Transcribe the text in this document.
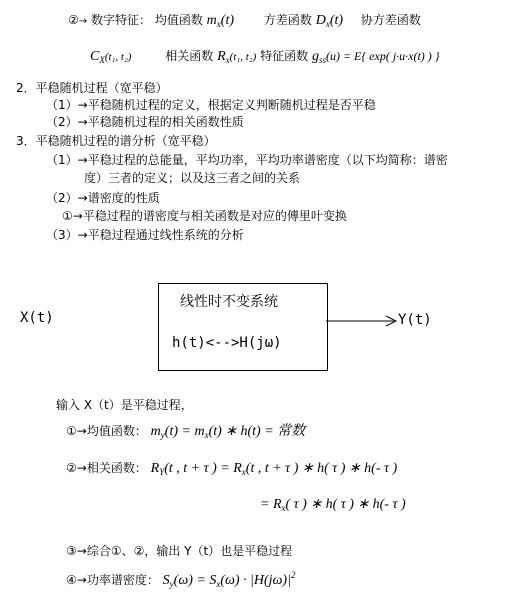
②→ 数字特征： 均值函数 $m_x(t)$ 方差函数 $D_x(t)$ 协方差函数
$C_X(t_1$, t₂)	相关函数 $R_x(t_1$, t₂) 特征函数 $g_{ss}(u) = E${ exp( j·u·x(t) ) }
2．平稳随机过程（宽平稳）
（1）→平稳随机过程的定义，根据定义判断随机过程是否平稳
（2）→平稳随机过程的相关函数性质
3．平稳随机过程的谱分析（宽平稳）
（1）→平稳过程的总能量，平均功率，平均功率谱密度（以下均简称：谱密
度）三者的定义；以及这三者之间的关系
（2）→谱密度的性质
①→平稳过程的谱密度与相关函数是对应的傅里叶变换
（3）→平稳过程通过线性系统的分析
X(t)
线性时不变系统
h(t)<-->H(jω)
Y(t)
输入 X（t）是平稳过程，
①→均值函数： $m_y(t) = m_x(t)$ ∗ h(t) = 常数
②→相关函数： $R_Y(t$ , t + τ ) = $R_x(t$ , t + τ ) ∗ h( τ ) ∗ h(- τ )
= $R_x$( τ ) ∗ h( τ ) ∗ h(- τ )
③→综合①、②，输出 Y（t）也是平稳过程
④→功率谱密度： $S_y(\omega) = S_x(\omega) \cdot |H(j\omega)|^2$
